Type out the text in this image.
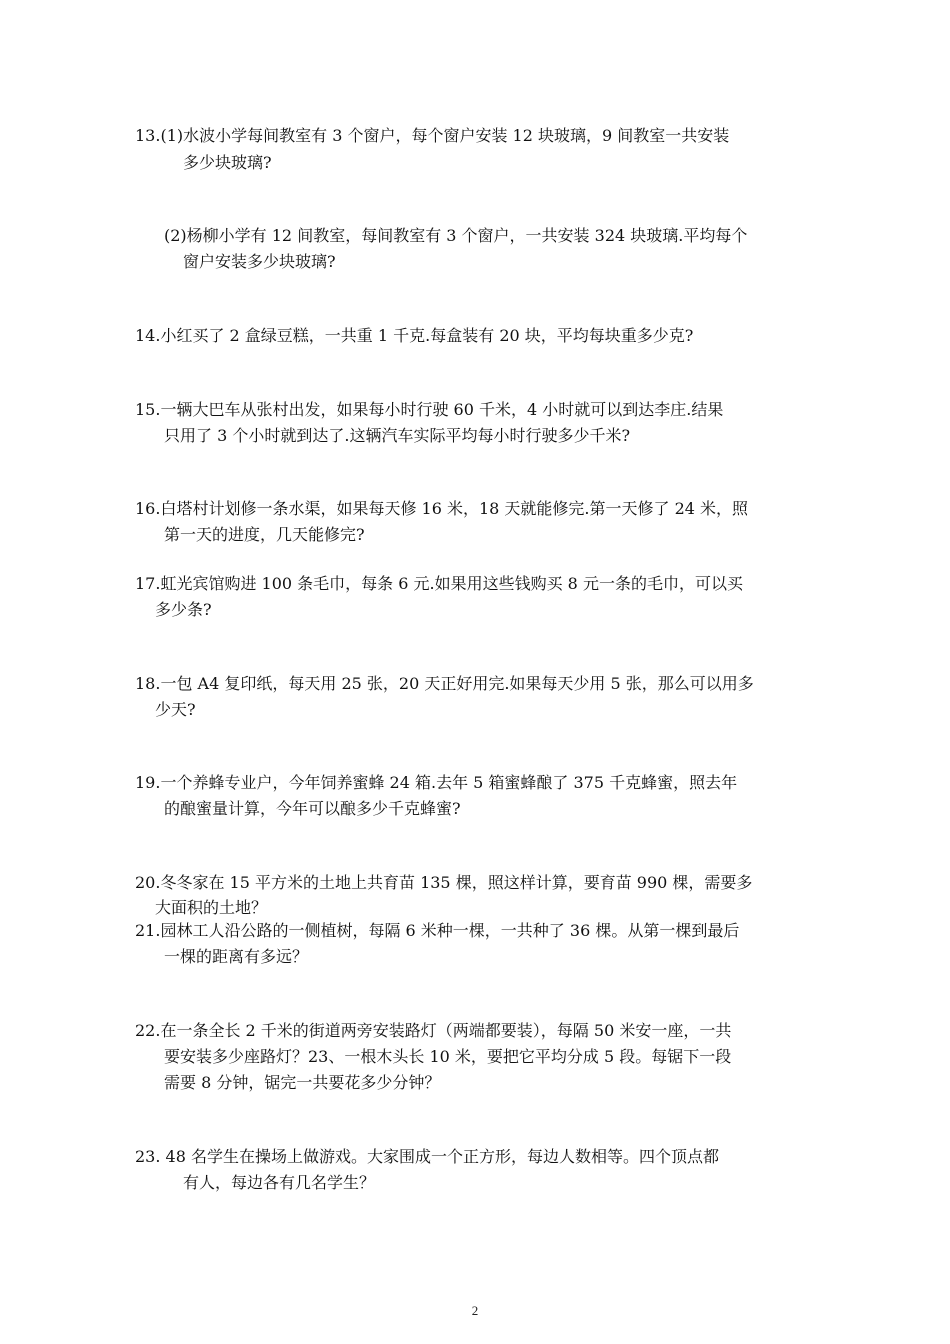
13.(1)水波小学每间教室有 3 个窗户，每个窗户安装 12 块玻璃，9 间教室一共安装
多少块玻璃?
(2)杨柳小学有 12 间教室，每间教室有 3 个窗户，一共安装 324 块玻璃.平均每个
窗户安装多少块玻璃?
14.小红买了 2 盒绿豆糕，一共重 1 千克.每盒装有 20 块，平均每块重多少克?
15.一辆大巴车从张村出发，如果每小时行驶 60 千米，4 小时就可以到达李庄.结果
只用了 3 个小时就到达了.这辆汽车实际平均每小时行驶多少千米?
16.白塔村计划修一条水渠，如果每天修 16 米，18 天就能修完.第一天修了 24 米，照
第一天的进度，几天能修完?
17.虹光宾馆购进 100 条毛巾，每条 6 元.如果用这些钱购买 8 元一条的毛巾，可以买
多少条?
18.一包 A4 复印纸，每天用 25 张，20 天正好用完.如果每天少用 5 张，那么可以用多
少天?
19.一个养蜂专业户，今年饲养蜜蜂 24 箱.去年 5 箱蜜蜂酿了 375 千克蜂蜜，照去年
的酿蜜量计算，今年可以酿多少千克蜂蜜?
20.冬冬家在 15 平方米的土地上共育苗 135 棵，照这样计算，要育苗 990 棵，需要多
大面积的土地？
21.园林工人沿公路的一侧植树，每隔 6 米种一棵，一共种了 36 棵。从第一棵到最后
一棵的距离有多远？
22.在一条全长 2 千米的街道两旁安装路灯（两端都要装），每隔 50 米安一座，一共
要安装多少座路灯？23、一根木头长 10 米，要把它平均分成 5 段。每锯下一段
需要 8 分钟，锯完一共要花多少分钟？
23. 48 名学生在操场上做游戏。大家围成一个正方形，每边人数相等。四个顶点都
有人，每边各有几名学生？
2
